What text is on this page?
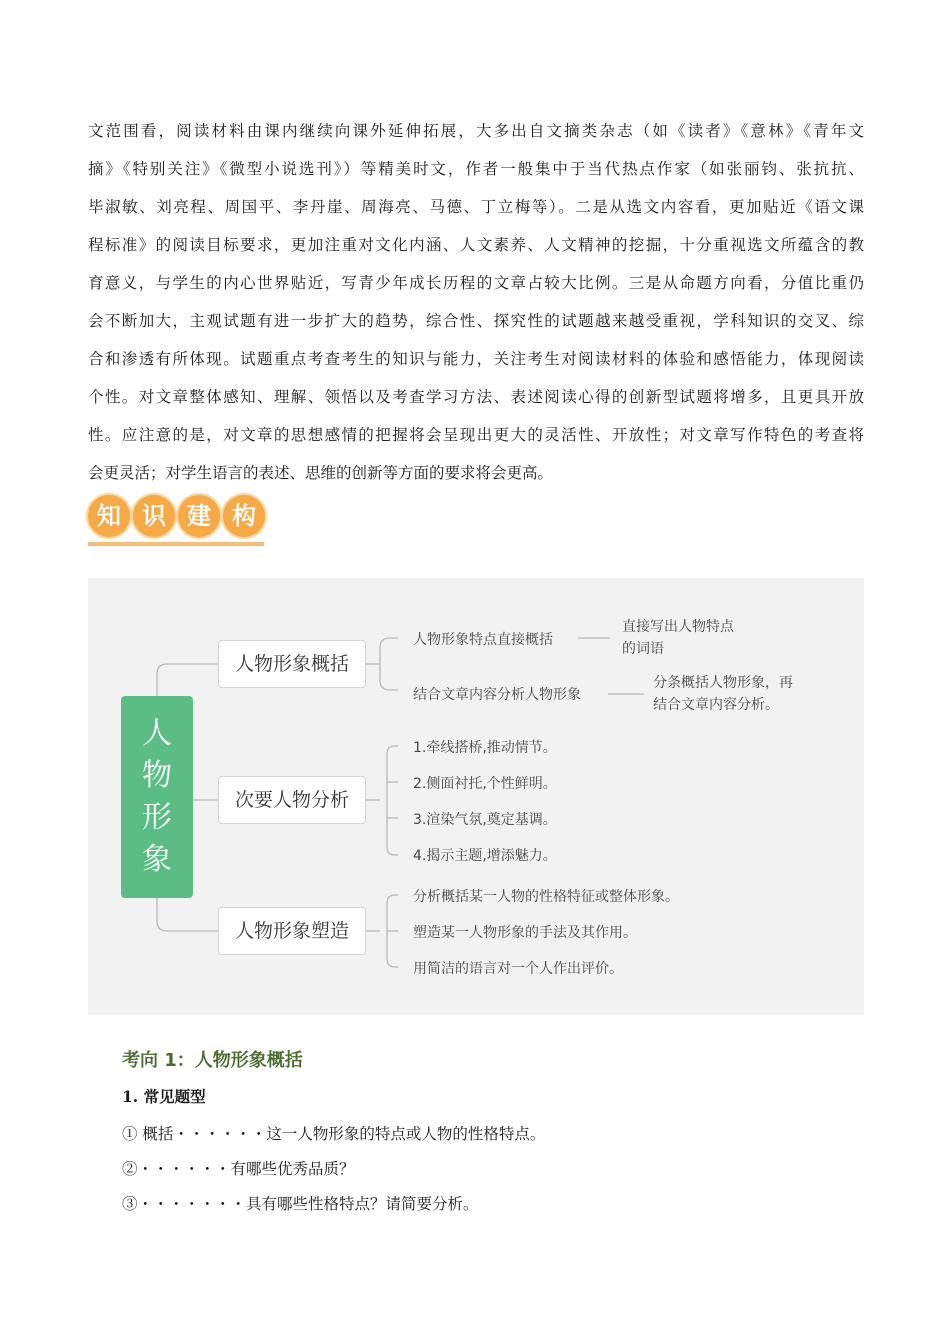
文范围看，阅读材料由课内继续向课外延伸拓展，大多出自文摘类杂志（如《读者》《意林》《青年文
摘》《特别关注》《微型小说选刊》）等精美时文，作者一般集中于当代热点作家（如张丽钧、张抗抗、
毕淑敏、刘亮程、周国平、李丹崖、周海亮、马德、丁立梅等）。二是从选文内容看，更加贴近《语文课
程标准》的阅读目标要求，更加注重对文化内涵、人文素养、人文精神的挖掘，十分重视选文所蕴含的教
育意义，与学生的内心世界贴近，写青少年成长历程的文章占较大比例。三是从命题方向看，分值比重仍
会不断加大，主观试题有进一步扩大的趋势，综合性、探究性的试题越来越受重视，学科知识的交叉、综
合和渗透有所体现。试题重点考查考生的知识与能力，关注考生对阅读材料的体验和感悟能力，体现阅读
个性。对文章整体感知、理解、领悟以及考查学习方法、表述阅读心得的创新型试题将增多，且更具开放
性。应注意的是，对文章的思想感情的把握将会呈现出更大的灵活性、开放性；对文章写作特色的考查将
会更灵活；对学生语言的表述、思维的创新等方面的要求将会更高。
知 识 建 构
人
物
形
象
人物形象概括
次要人物分析
人物形象塑造
人物形象特点直接概括
直接写出人物特点
的词语
结合文章内容分析人物形象
分条概括人物形象，再
结合文章内容分析。
1.牵线搭桥,推动情节。
2.侧面衬托,个性鲜明。
3.渲染气氛,奠定基调。
4.揭示主题,增添魅力。
分析概括某一人物的性格特征或整体形象。
塑造某一人物形象的手法及其作用。
用简洁的语言对一个人作出评价。
考向 1：人物形象概括
1. 常见题型
① 概括・・・・・・这一人物形象的特点或人物的性格特点。
②・・・・・・有哪些优秀品质？
③・・・・・・・具有哪些性格特点？请简要分析。
